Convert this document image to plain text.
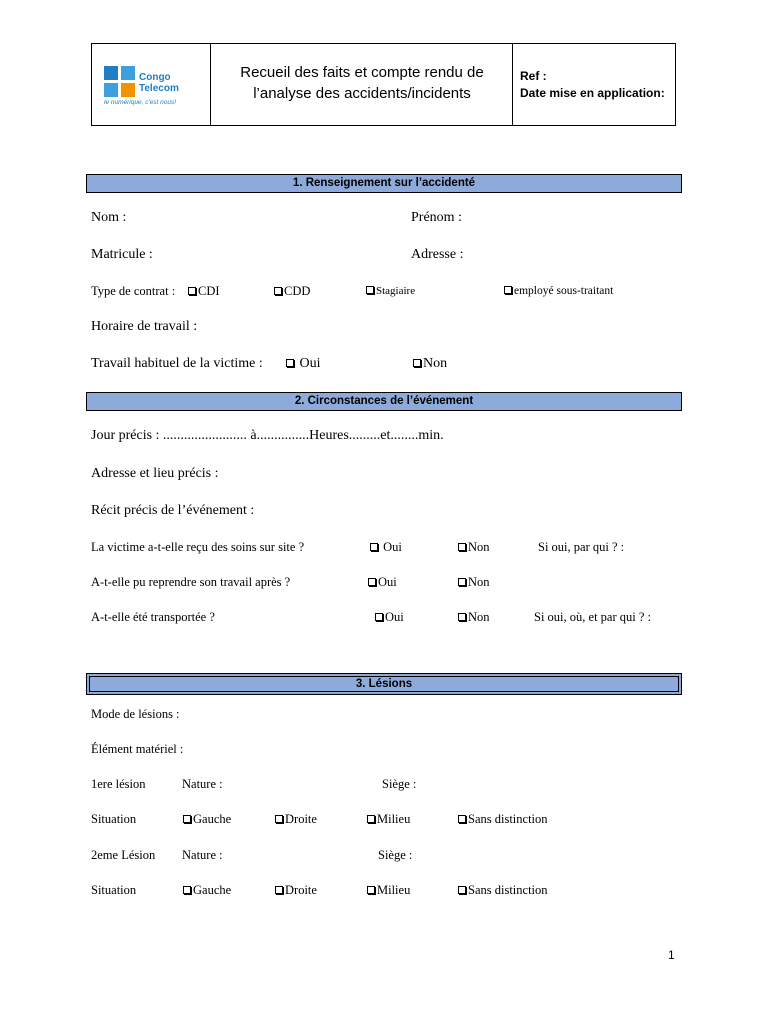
Congo
Telecom
le numérique, c'est nous!
Recueil des faits et compte rendu de
l’analyse des accidents/incidents
Ref :
Date mise en application:
1. Renseignement sur l’accidenté
Nom :	Prénom :
Matricule :	Adresse :
Type de contrat :	CDI	CDD	Stagiaire	employé sous-traitant
Horaire de travail :
Travail habituel de la victime :	Oui	Non
2. Circonstances de l’événement
Jour précis : ........................ à...............Heures.........et........min.
Adresse et lieu précis :
Récit précis de l’événement :
La victime a-t-elle reçu des soins sur site ?	Oui	Non	Si oui, par qui ? :
A-t-elle pu reprendre son travail après ?	Oui	Non
A-t-elle été transportée ?	Oui	Non	Si oui, où, et par qui ? :
3. Lésions
Mode de lésions :
Élément matériel :
1ere lésion	Nature :	Siège :
Situation	Gauche	Droite	Milieu	Sans distinction
2eme Lésion Nature :	Siège :
Situation	Gauche	Droite	Milieu	Sans distinction
1
